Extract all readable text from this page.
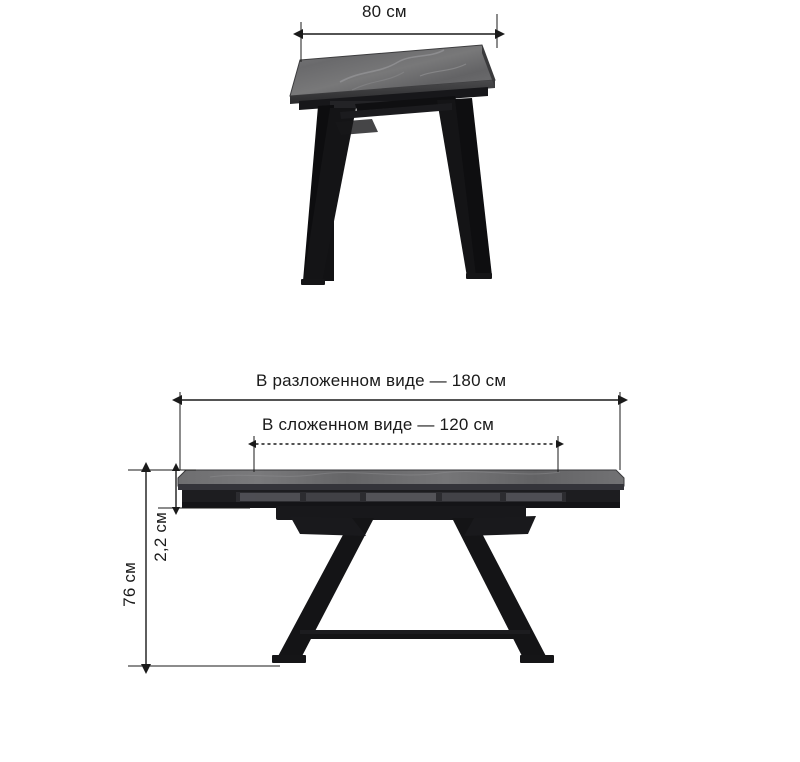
80 см
В разложенном виде — 180 см
В сложенном виде — 120 см
2,2 см
76 см
